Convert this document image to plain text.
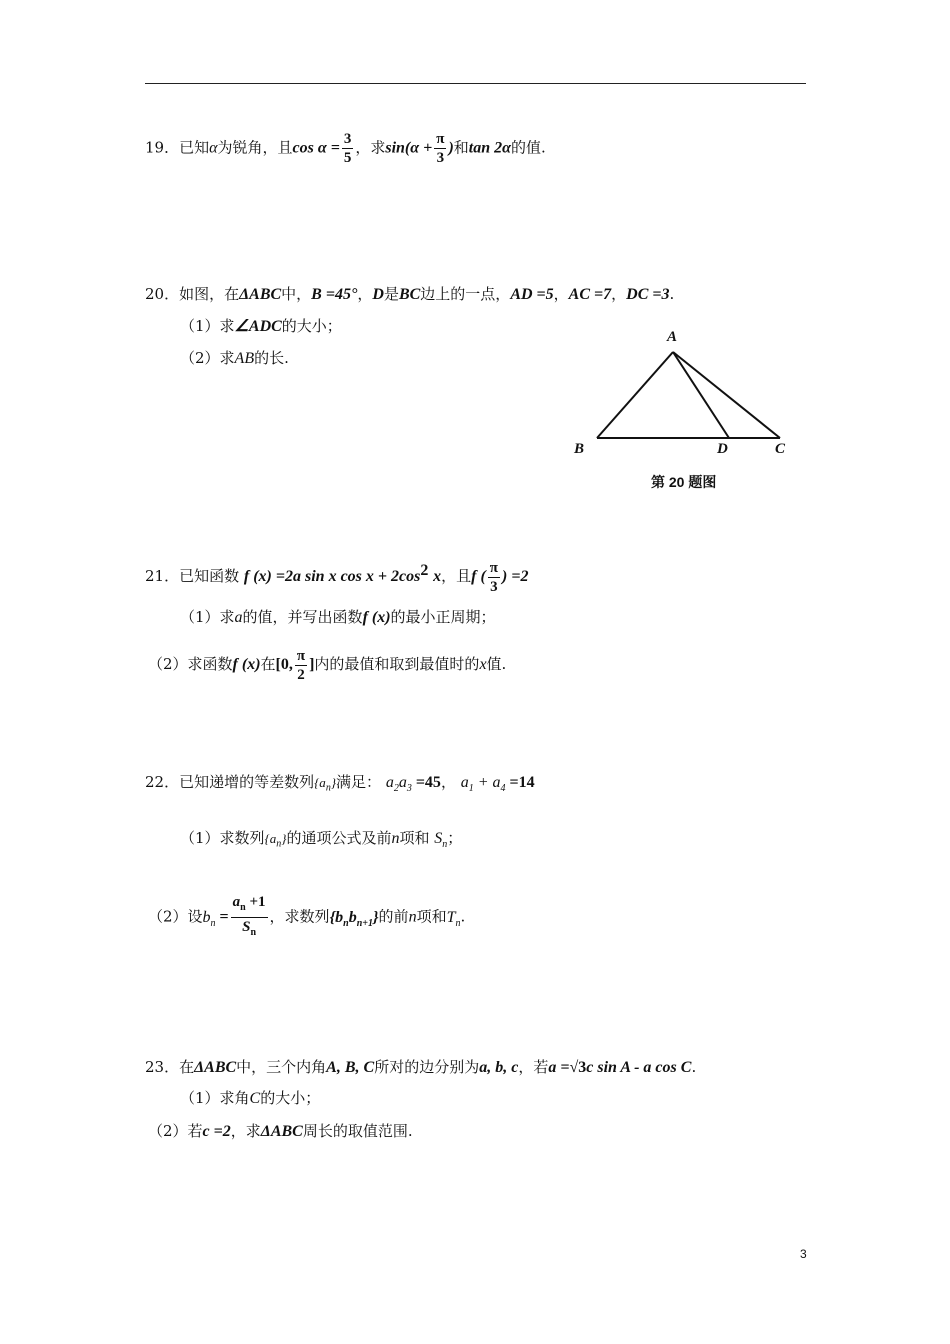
19．已知α为锐角，且$\cos \alpha = \frac{3}{5}$ ，求$\sin(\alpha + \frac{\pi}{3}$ )和tan 2α的值.
20．如图，在ΔABC中，B =45°，D是BC边上的一点，AD =5，AC =7，DC =3.
（1）求∠ADC的大小；
（2）求AB的长.
A
B	D	C
第 20 题图
21．已知函数 f (x) =2a sin x $\cos x + 2\cos^2$ x，且f ( $\frac{\pi}{3}$ ) =2
（1）求a的值，并写出函数f (x)的最小正周期；
（2）求函数f (x)在[0, $\frac{\pi}{2}$ ]内的最值和取到最值时的x值.
22．已知递增的等差数列$\{a_n\}$满足： $a_2a_3 =45$， $a_1 + a_4 =14$
（1）求数列$\{a_n\}$的通项公式及前n项和 $S_n$；
（2）设$b_n = \frac{a_n +1}{S_n}$ ，求数列$\{b_nb_{n+1}\}$的前n项和$T_n$.
23．在ΔABC中，三个内角A, B, C所对的边分别为a, b, c，若a =√3c sin A - a cos C.
（1）求角C的大小；
（2）若c =2，求ΔABC周长的取值范围.
3
